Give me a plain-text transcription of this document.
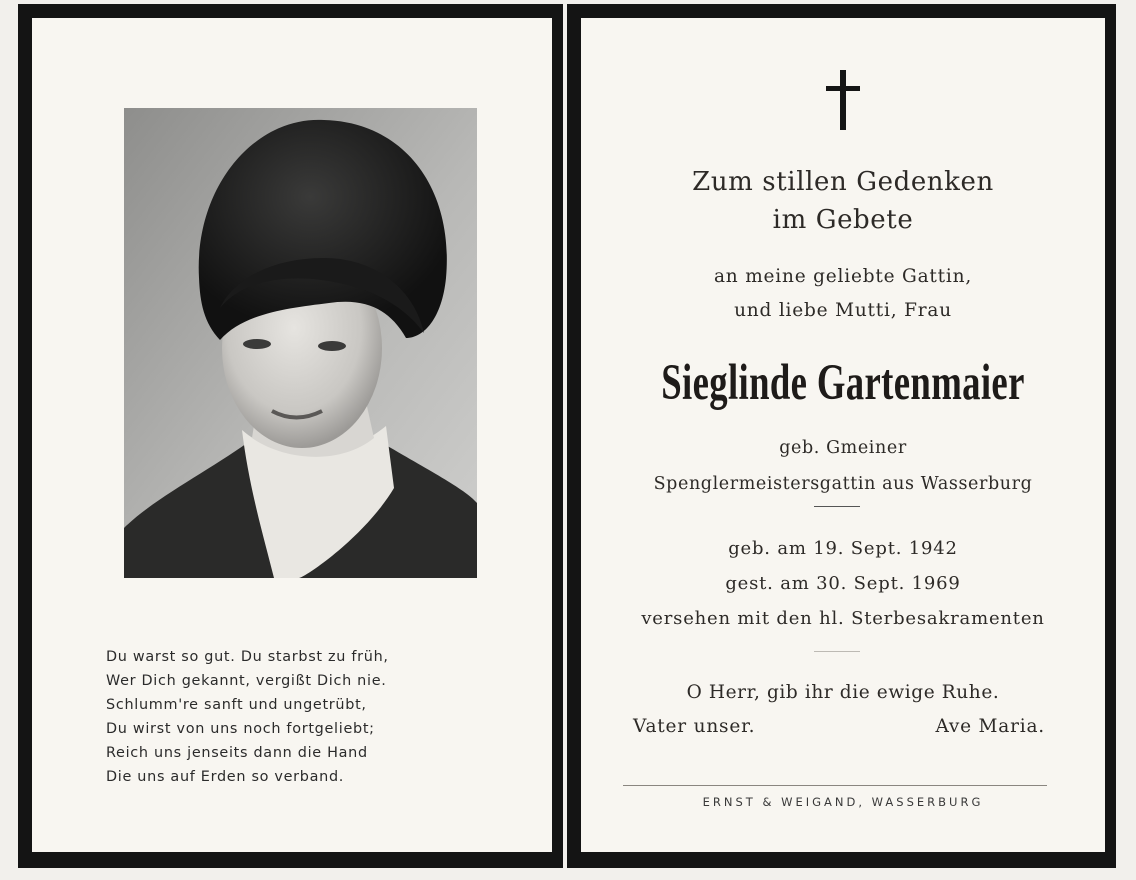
Du warst so gut. Du starbst zu früh,
Wer Dich gekannt, vergißt Dich nie.
Schlumm're sanft und ungetrübt,
Du wirst von uns noch fortgeliebt;
Reich uns jenseits dann die Hand
Die uns auf Erden so verband.
Zum stillen Gedenken
im Gebete
an meine geliebte Gattin,
und liebe Mutti, Frau
Sieglinde Gartenmaier
geb. Gmeiner
Spenglermeistersgattin aus Wasserburg
geb. am 19. Sept. 1942
gest. am 30. Sept. 1969
versehen mit den hl. Sterbesakramenten
O Herr, gib ihr die ewige Ruhe.
Vater unser.	Ave Maria.
ERNST & WEIGAND, WASSERBURG
